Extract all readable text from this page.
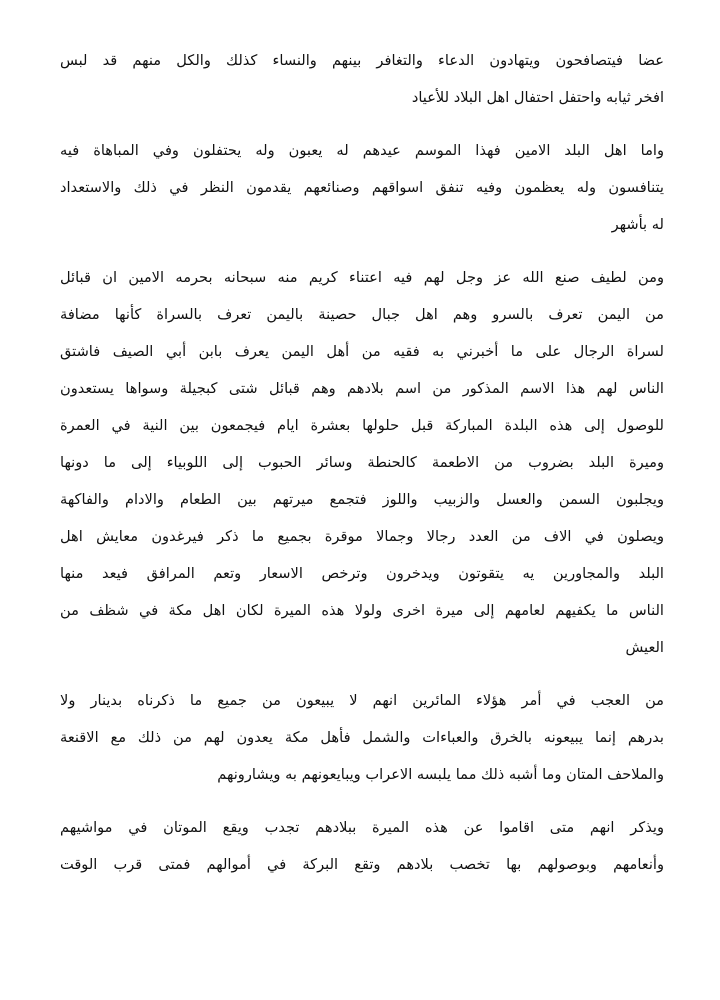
عضا فيتصافحون ويتهادون الدعاء والتغافر بينهم والنساء كذلك والكل منهم قد لبس
افخر ثيابه واحتفل احتفال اهل البلاد للأعياد

واما اهل البلد الامين فهذا الموسم عيدهم له يعبون وله يحتفلون وفي المباهاة فيه
يتنافسون وله يعظمون وفيه تنفق اسواقهم وصنائعهم يقدمون النظر في ذلك والاستعداد
له بأشهر

ومن لطيف صنع الله عز وجل لهم فيه اعتناء كريم منه سبحانه بحرمه الامين ان قبائل
من اليمن تعرف بالسرو وهم اهل جبال حصينة باليمن تعرف بالسراة كأنها مضافة
لسراة الرجال على ما أخبرني به فقيه من أهل اليمن يعرف بابن أبي الصيف فاشتق
الناس لهم هذا الاسم المذكور من اسم بلادهم وهم قبائل شتى كبجيلة وسواها يستعدون
للوصول إلى هذه البلدة المباركة قبل حلولها بعشرة ايام فيجمعون بين النية في العمرة
وميرة البلد بضروب من الاطعمة كالحنطة وسائر الحبوب إلى اللوبياء إلى ما دونها
ويجلبون السمن والعسل والزبيب واللوز فتجمع ميرتهم بين الطعام والادام والفاكهة
ويصلون في الاف من العدد رجالا وجمالا موقرة بجميع ما ذكر فيرغدون معايش اهل
البلد والمجاورين يه يتقوتون ويدخرون وترخص الاسعار وتعم المرافق فيعد منها
الناس ما يكفيهم لعامهم إلى ميرة اخرى ولولا هذه الميرة لكان اهل مكة في شظف من
العيش

من العجب في أمر هؤلاء المائرين انهم لا يبيعون من جميع ما ذكرناه بدينار ولا
بدرهم إنما يبيعونه بالخرق والعباءات والشمل فأهل مكة يعدون لهم من ذلك مع الاقنعة
والملاحف المتان وما أشبه ذلك مما يلبسه الاعراب ويبايعونهم به ويشارونهم

ويذكر انهم متى اقاموا عن هذه الميرة ببلادهم تجدب ويقع الموتان في مواشيهم
وأنعامهم وبوصولهم بها تخصب بلادهم وتقع البركة في أموالهم فمتى قرب الوقت
